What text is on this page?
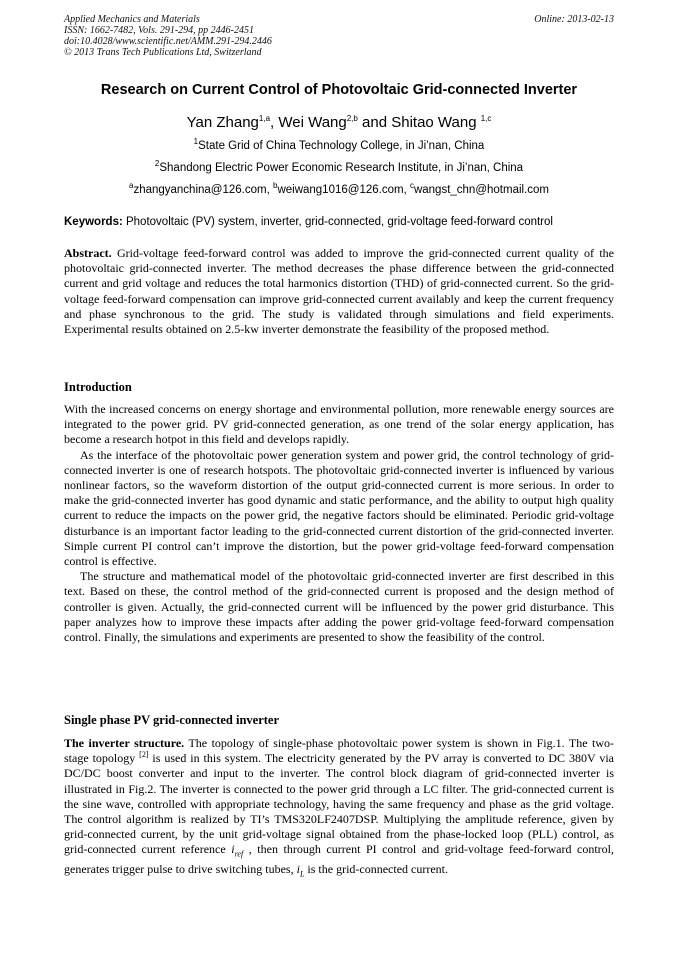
Applied Mechanics and Materials
ISSN: 1662-7482, Vols. 291-294, pp 2446-2451
doi:10.4028/www.scientific.net/AMM.291-294.2446
© 2013 Trans Tech Publications Ltd, Switzerland
Online: 2013-02-13
Research on Current Control of Photovoltaic Grid-connected Inverter
Yan Zhang$^{1,a}$, Wei Wang$^{2,b}$ and Shitao Wang $^{1,c}$
$^1$State Grid of China Technology College, in Ji’nan, China
$^2$Shandong Electric Power Economic Research Institute, in Ji’nan, China
$^a$zhangyanchina@126.com, $^b$weiwang1016@126.com, $^c$wangst_chn@hotmail.com
Keywords: Photovoltaic (PV) system, inverter, grid-connected, grid-voltage feed-forward control

Abstract. Grid-voltage feed-forward control was added to improve the grid-connected current quality of the photovoltaic grid-connected inverter. The method decreases the phase difference between the grid-connected current and grid voltage and reduces the total harmonics distortion (THD) of grid-connected current. So the grid-voltage feed-forward compensation can improve grid-connected current availably and keep the current frequency and phase synchronous to the grid. The study is validated through simulations and field experiments. Experimental results obtained on 2.5-kw inverter demonstrate the feasibility of the proposed method.

Introduction

With the increased concerns on energy shortage and environmental pollution, more renewable energy sources are integrated to the power grid. PV grid-connected generation, as one trend of the solar energy application, has become a research hotpot in this field and develops rapidly.

As the interface of the photovoltaic power generation system and power grid, the control technology of grid-connected inverter is one of research hotspots. The photovoltaic grid-connected inverter is influenced by various nonlinear factors, so the waveform distortion of the output grid-connected current is more serious. In order to make the grid-connected inverter has good dynamic and static performance, and the ability to output high quality current to reduce the impacts on the power grid, the negative factors should be eliminated. Periodic grid-voltage disturbance is an important factor leading to the grid-connected current distortion of the grid-connected inverter. Simple current PI control can’t improve the distortion, but the power grid-voltage feed-forward compensation control is effective.

The structure and mathematical model of the photovoltaic grid-connected inverter are first described in this text. Based on these, the control method of the grid-connected current is proposed and the design method of controller is given. Actually, the grid-connected current will be influenced by the power grid disturbance. This paper analyzes how to improve these impacts after adding the power grid-voltage feed-forward compensation control. Finally, the simulations and experiments are presented to show the feasibility of the control.

Single phase PV grid-connected inverter

The inverter structure. The topology of single-phase photovoltaic power system is shown in Fig.1. The two-stage topology [2] is used in this system. The electricity generated by the PV array is converted to DC 380V via DC/DC boost converter and input to the inverter. The control block diagram of grid-connected inverter is illustrated in Fig.2. The inverter is connected to the power grid through a LC filter. The grid-connected current is the sine wave, controlled with appropriate technology, having the same frequency and phase as the grid voltage. The control algorithm is realized by TI’s TMS320LF2407DSP. Multiplying the amplitude reference, given by grid-connected current, by the unit grid-voltage signal obtained from the phase-locked loop (PLL) control, as grid-connected current reference $i_{ref}$ , then through current PI control and grid-voltage feed-forward control, generates trigger pulse to drive switching tubes, $i_L$ is the grid-connected current.
